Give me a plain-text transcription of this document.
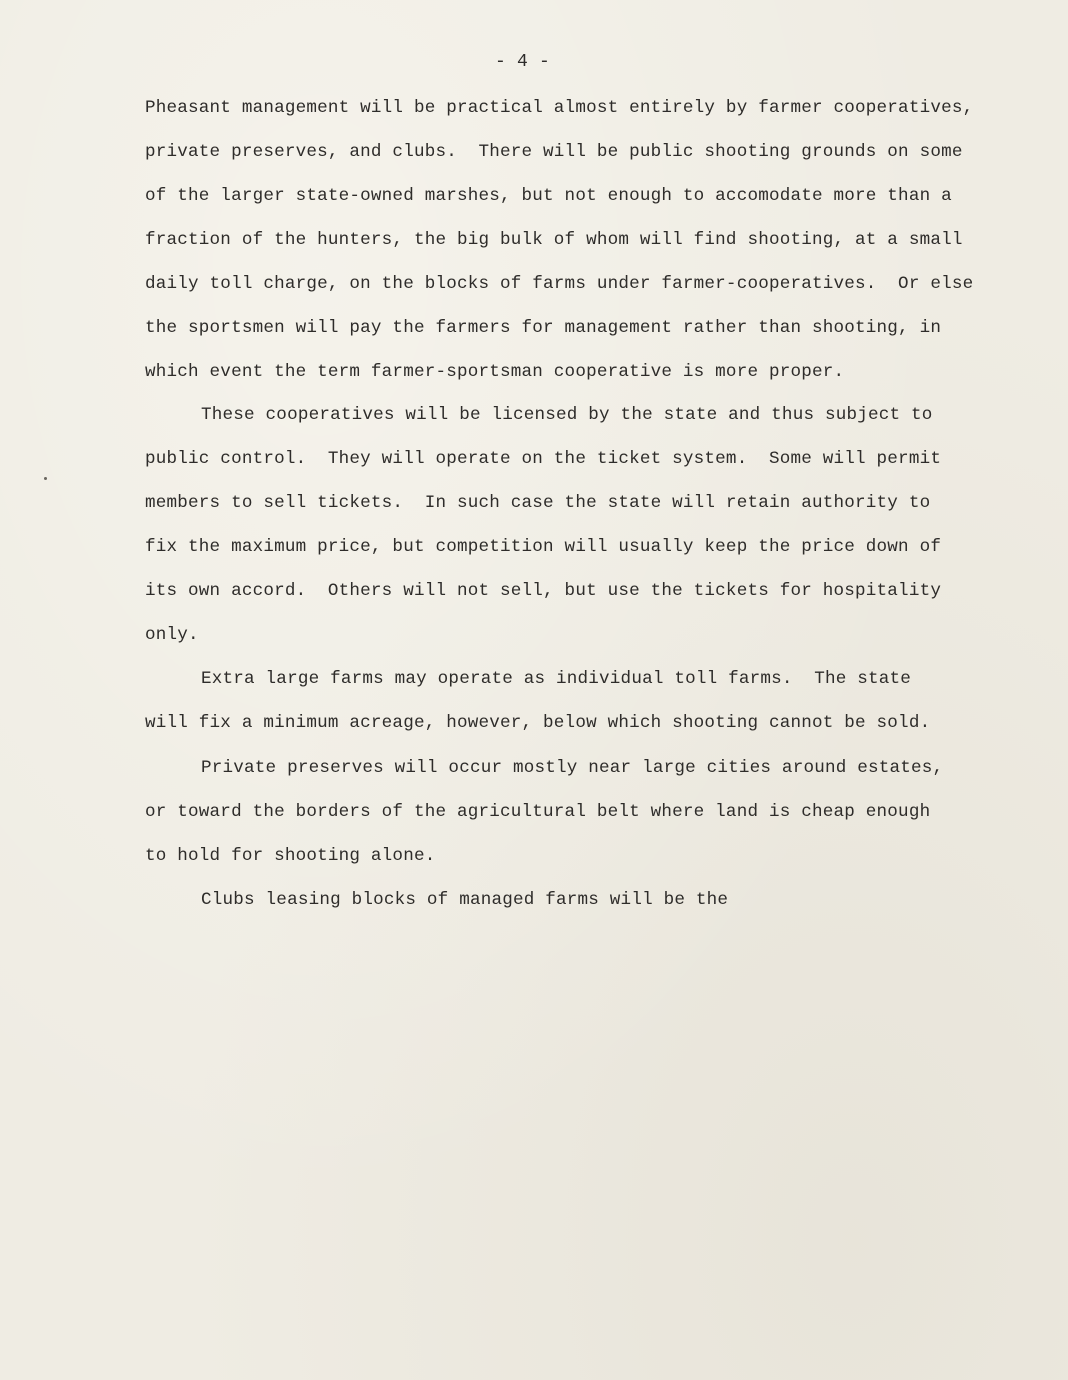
- 4 -
Pheasant management will be practical almost entirely by farmer cooperatives,
private preserves, and clubs.  There will be public shooting grounds on some
of the larger state-owned marshes, but not enough to accomodate more than a
fraction of the hunters, the big bulk of whom will find shooting, at a small
daily toll charge, on the blocks of farms under farmer-cooperatives.  Or else
the sportsmen will pay the farmers for management rather than shooting, in
which event the term farmer-sportsman cooperative is more proper.
These cooperatives will be licensed by the state and thus subject to
public control.  They will operate on the ticket system.  Some will permit
members to sell tickets.  In such case the state will retain authority to
fix the maximum price, but competition will usually keep the price down of
its own accord.  Others will not sell, but use the tickets for hospitality
only.
Extra large farms may operate as individual toll farms.  The state
will fix a minimum acreage, however, below which shooting cannot be sold.
Private preserves will occur mostly near large cities around estates,
or toward the borders of the agricultural belt where land is cheap enough
to hold for shooting alone.
Clubs leasing blocks of managed farms will be the
